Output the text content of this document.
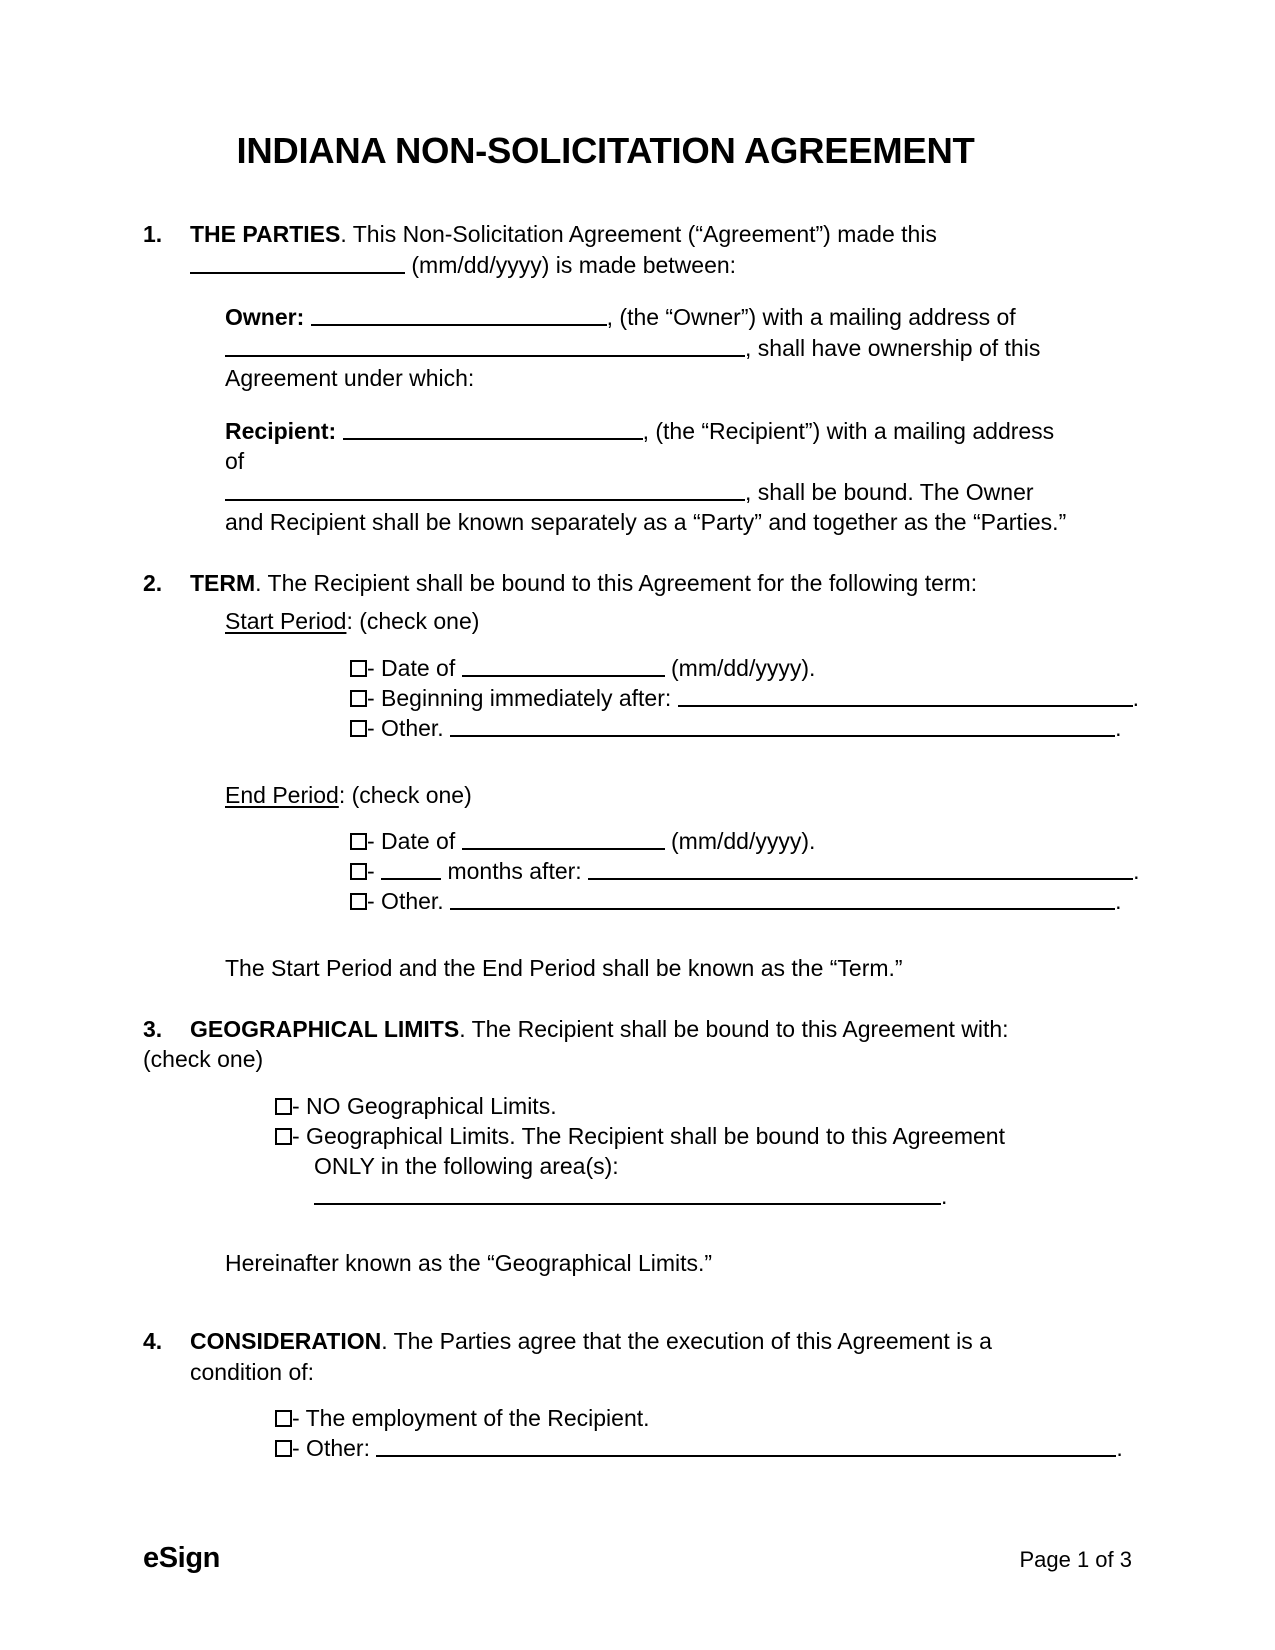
INDIANA NON-SOLICITATION AGREEMENT
1. THE PARTIES. This Non-Solicitation Agreement (“Agreement”) made this
(mm/dd/yyyy) is made between:
Owner:	, (the “Owner”) with a mailing address of
, shall have ownership of this
Agreement under which:
Recipient:	, (the “Recipient”) with a mailing address of
, shall be bound. The Owner
and Recipient shall be known separately as a “Party” and together as the “Parties.”
2. TERM. The Recipient shall be bound to this Agreement for the following term:
Start Period: (check one)
- Date of	(mm/dd/yyyy).
- Beginning immediately after:	.
- Other.	.
End Period: (check one)
- Date of	(mm/dd/yyyy).
-	months after:	.
- Other.	.
The Start Period and the End Period shall be known as the “Term.”
3. GEOGRAPHICAL LIMITS. The Recipient shall be bound to this Agreement with:
(check one)
- NO Geographical Limits.
- Geographical Limits. The Recipient shall be bound to this Agreement ONLY in the following area(s): .
Hereinafter known as the “Geographical Limits.”
4. CONSIDERATION. The Parties agree that the execution of this Agreement is a condition of:
- The employment of the Recipient.
- Other:	.
eSign	Page 1 of 3
